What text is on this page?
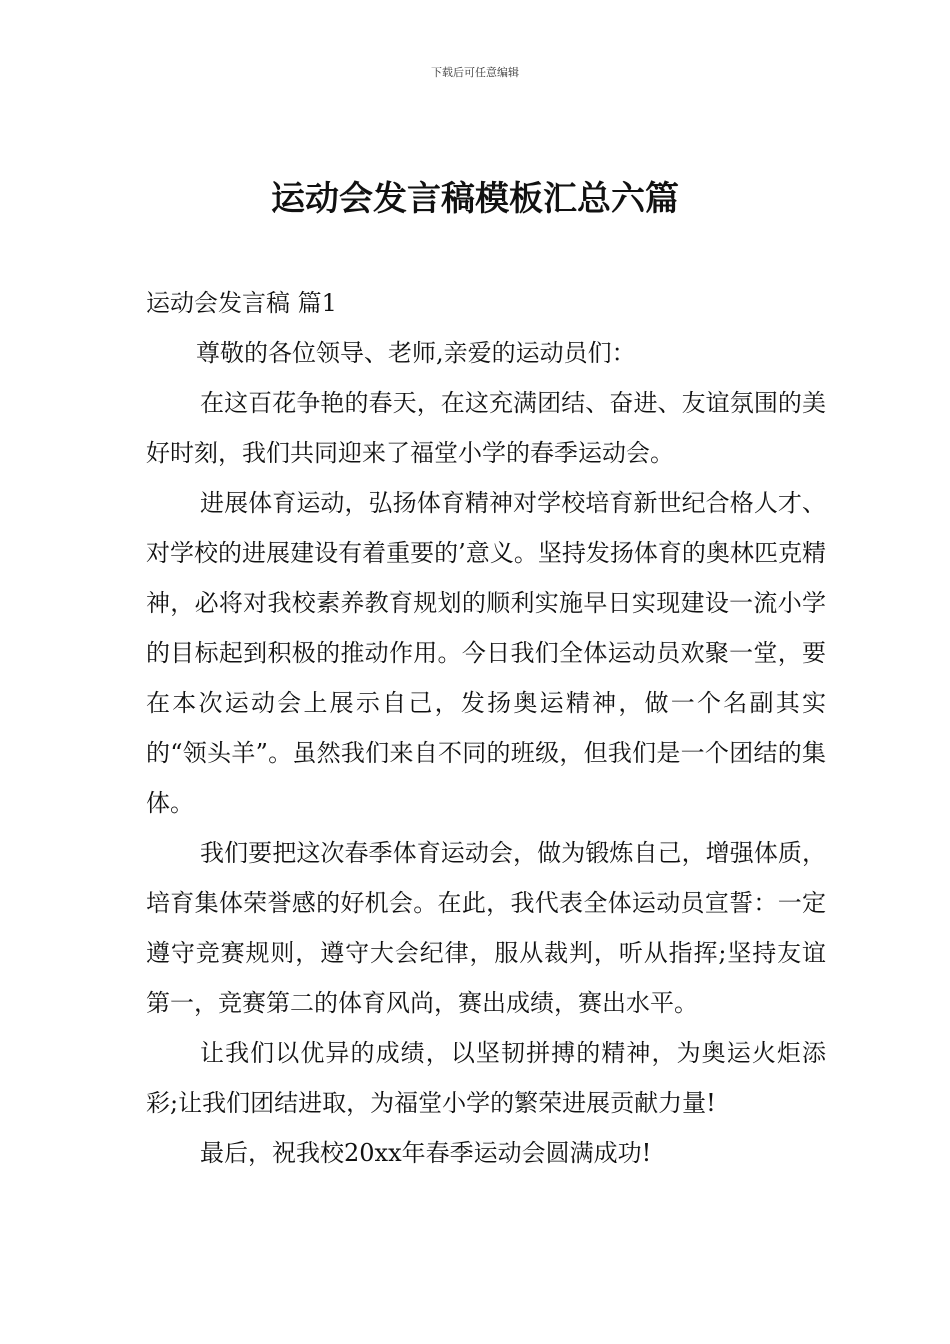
下载后可任意编辑
运动会发言稿模板汇总六篇

运动会发言稿 篇1

尊敬的各位领导、老师,亲爱的运动员们：

在这百花争艳的春天，在这充满团结、奋进、友谊氛围的美好时刻，我们共同迎来了福堂小学的春季运动会。

进展体育运动，弘扬体育精神对学校培育新世纪合格人才、对学校的进展建设有着重要的’意义。坚持发扬体育的奥林匹克精神，必将对我校素养教育规划的顺利实施早日实现建设一流小学的目标起到积极的推动作用。今日我们全体运动员欢聚一堂，要在本次运动会上展示自己，发扬奥运精神，做一个名副其实的“领头羊”。虽然我们来自不同的班级，但我们是一个团结的集体。

我们要把这次春季体育运动会，做为锻炼自己，增强体质，培育集体荣誉感的好机会。在此，我代表全体运动员宣誓：一定遵守竞赛规则，遵守大会纪律，服从裁判，听从指挥;坚持友谊第一，竞赛第二的体育风尚，赛出成绩，赛出水平。

让我们以优异的成绩，以坚韧拼搏的精神，为奥运火炬添彩;让我们团结进取，为福堂小学的繁荣进展贡献力量!

最后，祝我校20xx年春季运动会圆满成功!
